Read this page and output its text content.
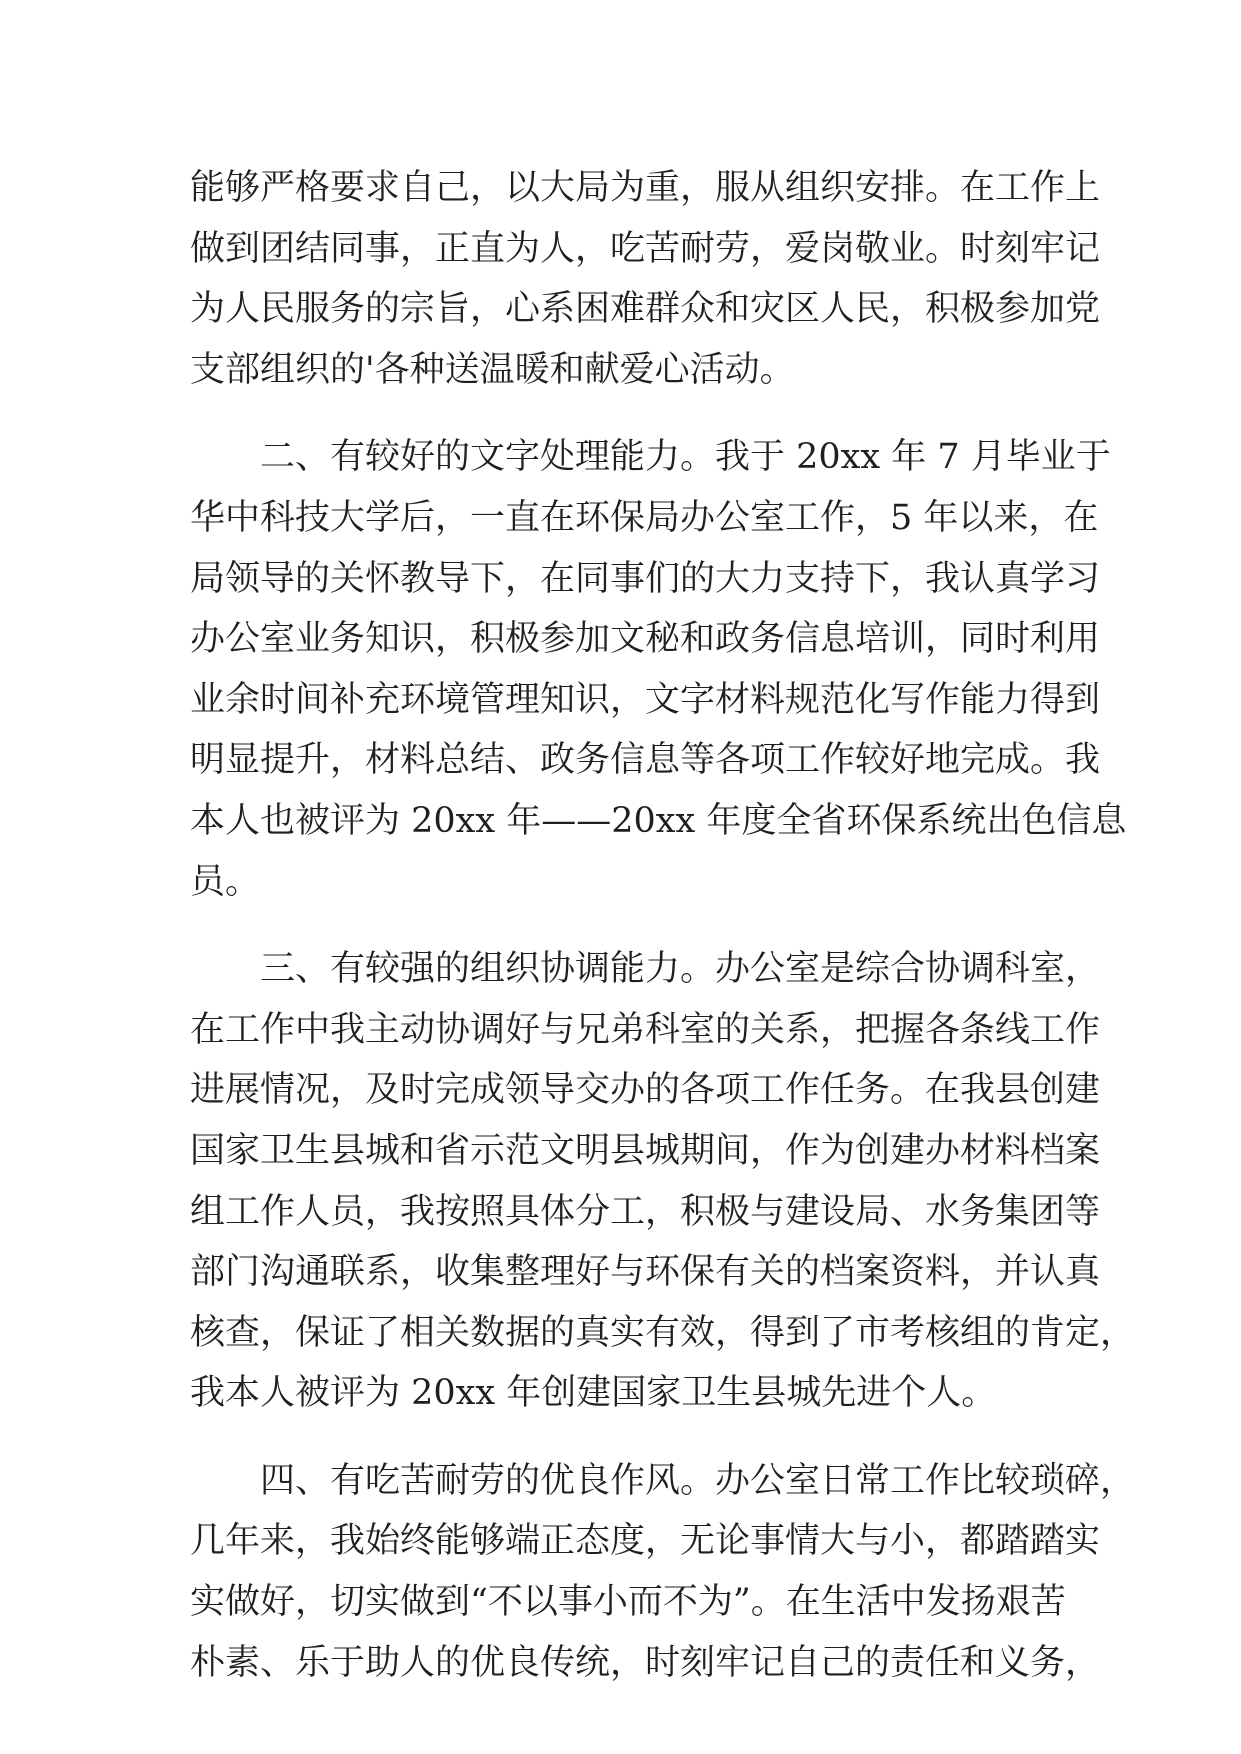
能够严格要求自己，以大局为重，服从组织安排。在工作上
做到团结同事，正直为人，吃苦耐劳，爱岗敬业。时刻牢记
为人民服务的宗旨，心系困难群众和灾区人民，积极参加党
支部组织的'各种送温暖和献爱心活动。
　　二、有较好的文字处理能力。我于 20xx 年 7 月毕业于
华中科技大学后，一直在环保局办公室工作，5 年以来，在
局领导的关怀教导下，在同事们的大力支持下，我认真学习
办公室业务知识，积极参加文秘和政务信息培训，同时利用
业余时间补充环境管理知识，文字材料规范化写作能力得到
明显提升，材料总结、政务信息等各项工作较好地完成。我
本人也被评为 20xx 年——20xx 年度全省环保系统出色信息
员。
　　三、有较强的组织协调能力。办公室是综合协调科室，
在工作中我主动协调好与兄弟科室的关系，把握各条线工作
进展情况，及时完成领导交办的各项工作任务。在我县创建
国家卫生县城和省示范文明县城期间，作为创建办材料档案
组工作人员，我按照具体分工，积极与建设局、水务集团等
部门沟通联系，收集整理好与环保有关的档案资料，并认真
核查，保证了相关数据的真实有效，得到了市考核组的肯定，
我本人被评为 20xx 年创建国家卫生县城先进个人。
　　四、有吃苦耐劳的优良作风。办公室日常工作比较琐碎，
几年来，我始终能够端正态度，无论事情大与小，都踏踏实
实做好，切实做到“不以事小而不为”。在生活中发扬艰苦
朴素、乐于助人的优良传统，时刻牢记自己的责任和义务，
